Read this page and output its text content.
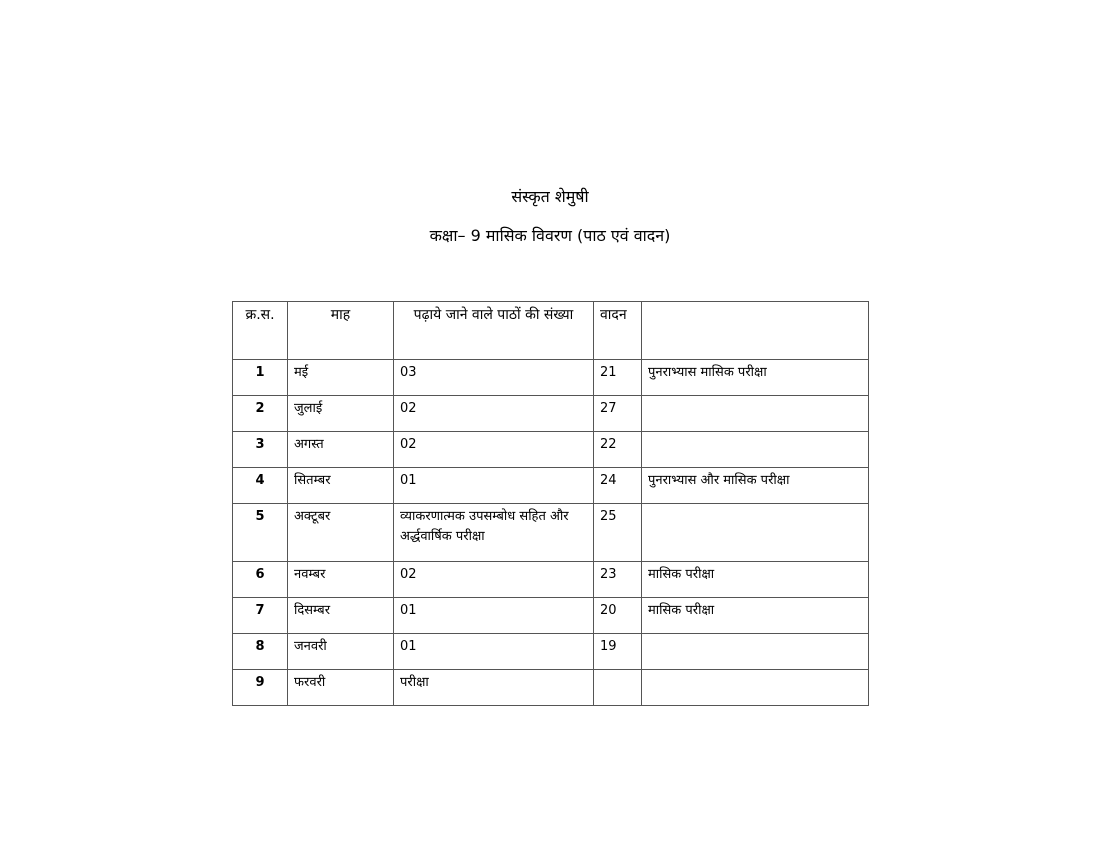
संस्कृत शेमुषी
कक्षा– 9 मासिक विवरण (पाठ एवं वादन)
क्र.स.	माह	पढ़ाये जाने वाले पाठों की संख्या	वादन	
1	मई	03	21	पुनराभ्यास मासिक परीक्षा
2	जुलाई	02	27	
3	अगस्त	02	22	
4	सितम्बर	01	24	पुनराभ्यास और मासिक परीक्षा
5	अक्टूबर	व्याकरणात्मक उपसम्बोध सहित और अर्द्धवार्षिक परीक्षा	25	
6	नवम्बर	02	23	मासिक परीक्षा
7	दिसम्बर	01	20	मासिक परीक्षा
8	जनवरी	01	19	
9	फरवरी	परीक्षा		
